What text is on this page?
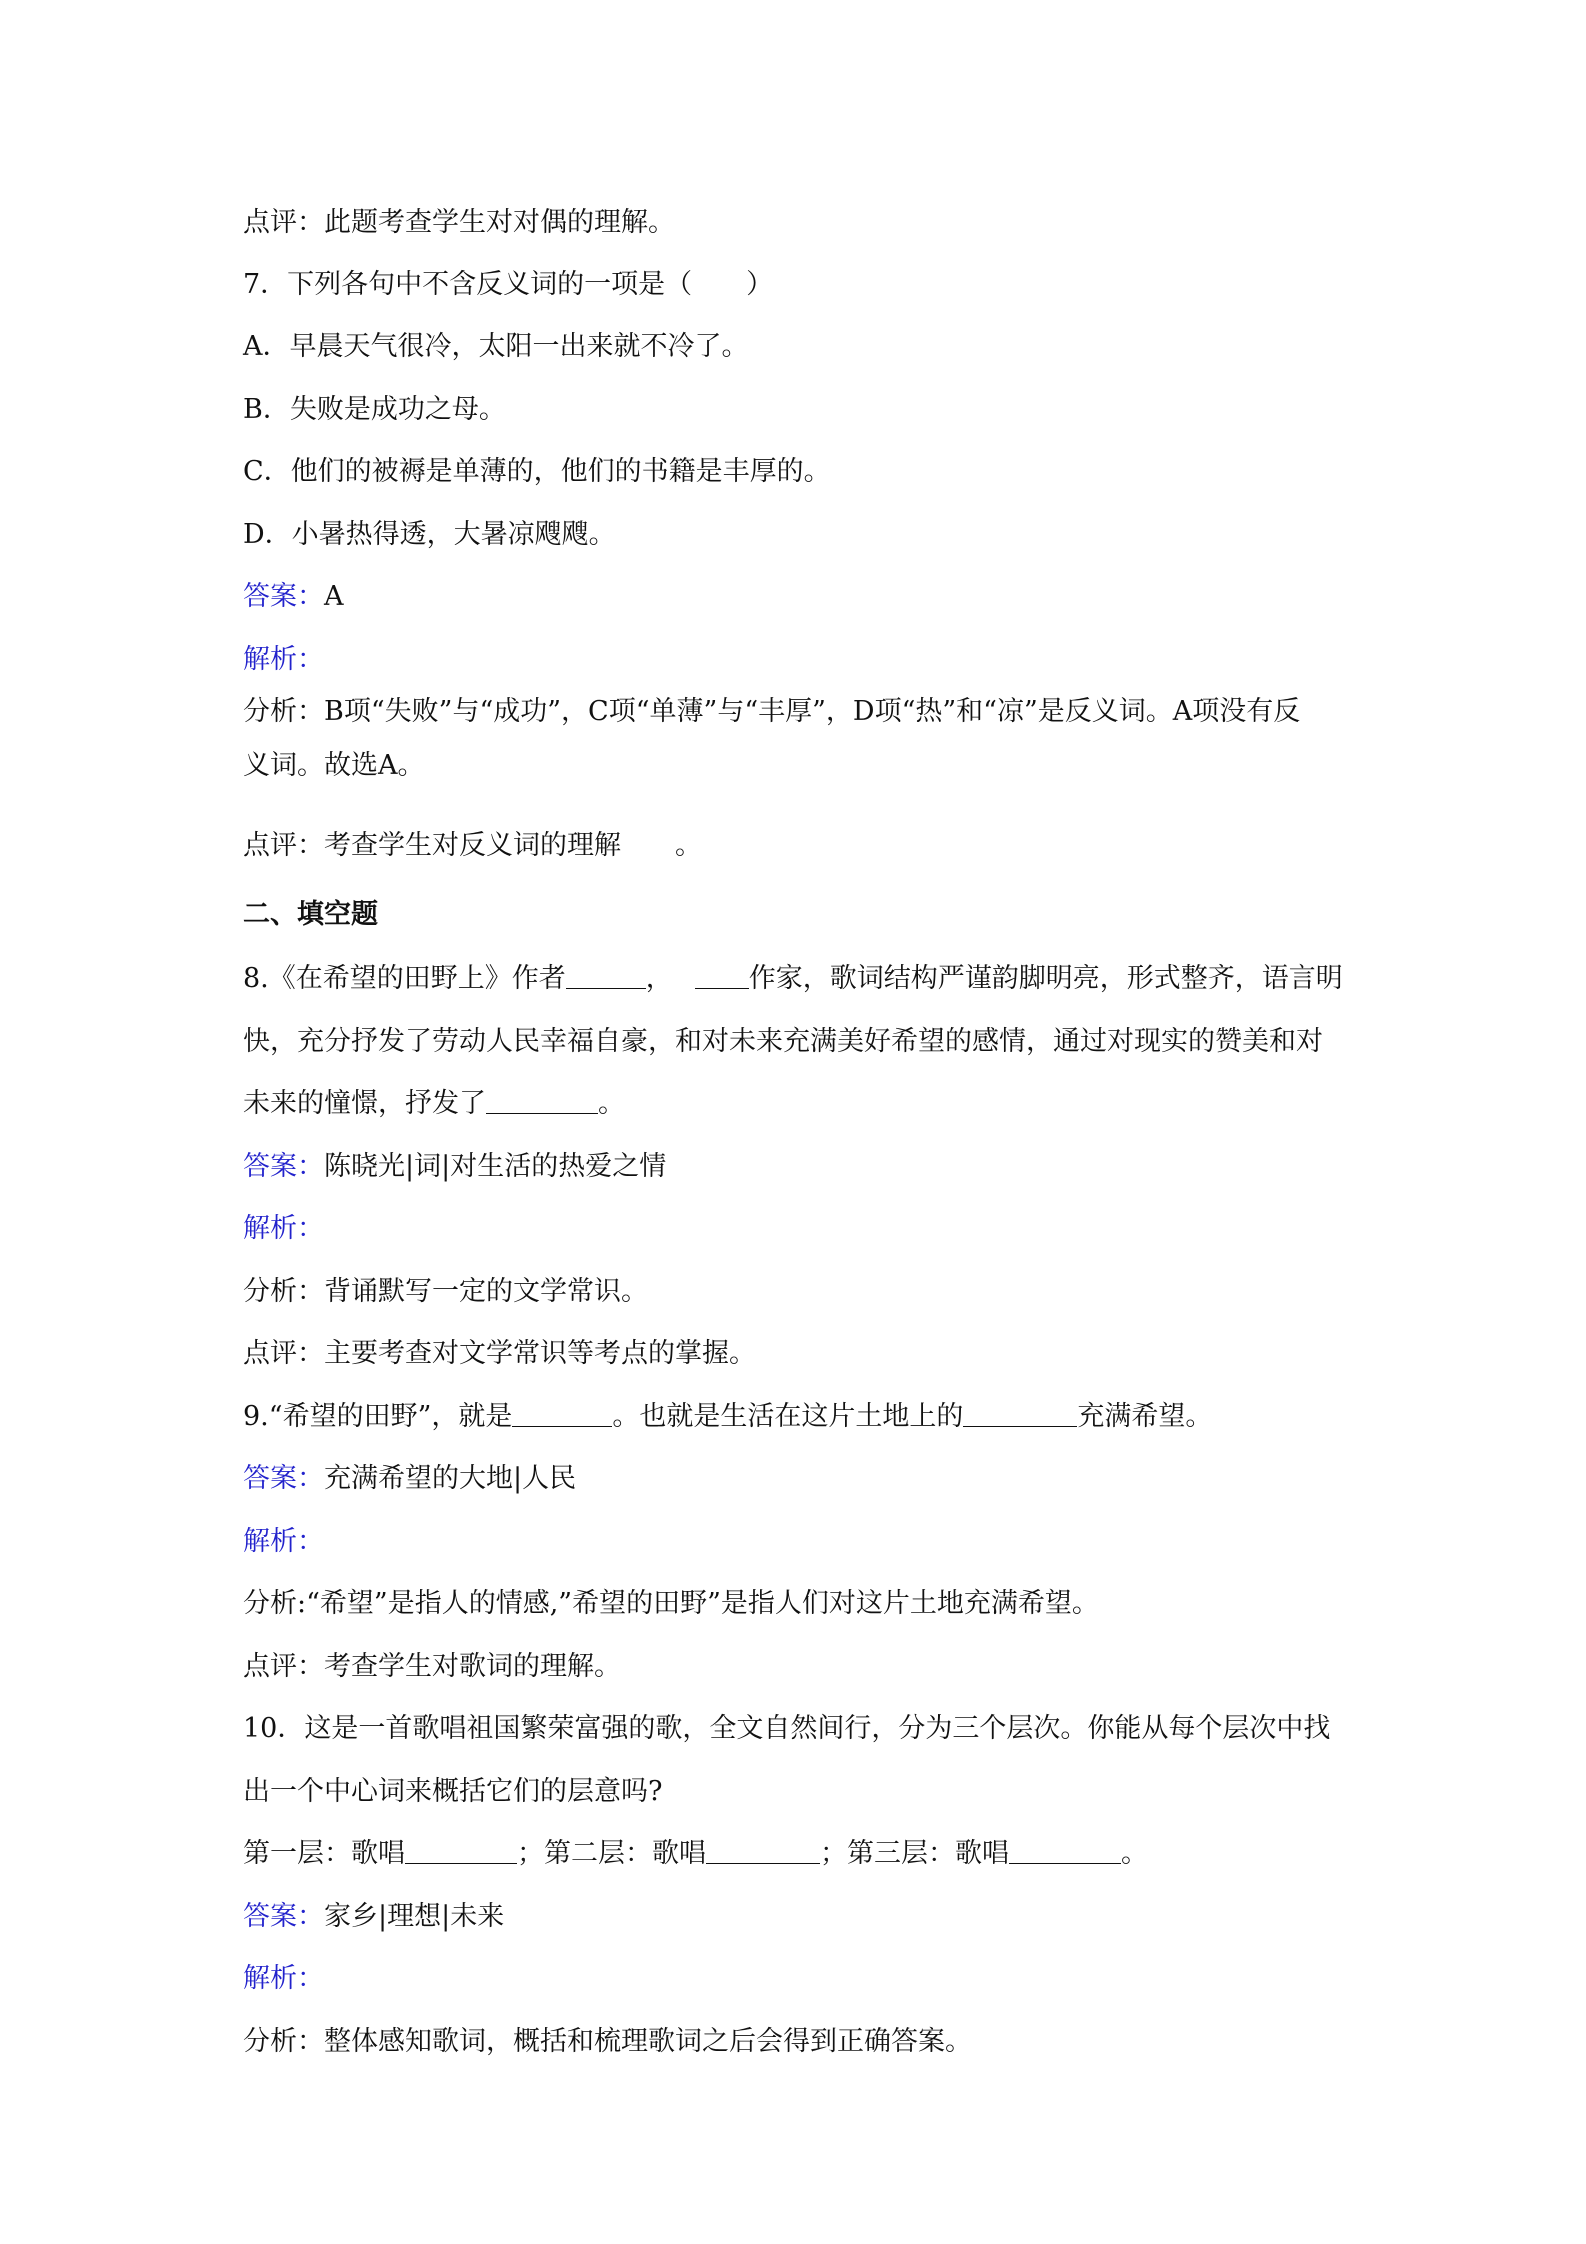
点评：此题考查学生对对偶的理解。
7．下列各句中不含反义词的一项是（　　）
A．早晨天气很冷，太阳一出来就不冷了。
B．失败是成功之母。
C．他们的被褥是单薄的，他们的书籍是丰厚的。
D．小暑热得透，大暑凉飕飕。
答案：A
解析：
分析：B项“失败”与“成功”，C项“单薄”与“丰厚”，D项“热”和“凉”是反义词。A项没有反
义词。故选A。
点评：考查学生对反义词的理解　　。
二、填空题
8.《在希望的田野上》作者	，	作家，歌词结构严谨韵脚明亮，形式整齐，语言明
快，充分抒发了劳动人民幸福自豪，和对未来充满美好希望的感情，通过对现实的赞美和对
未来的憧憬，抒发了	。
答案：陈晓光|词|对生活的热爱之情
解析：
分析：背诵默写一定的文学常识。
点评：主要考查对文学常识等考点的掌握。
9.“希望的田野”，就是	。也就是生活在这片土地上的	充满希望。
答案：充满希望的大地|人民
解析：
分析:“希望”是指人的情感,”希望的田野”是指人们对这片土地充满希望。
点评：考查学生对歌词的理解。
10．这是一首歌唱祖国繁荣富强的歌，全文自然间行，分为三个层次。你能从每个层次中找
出一个中心词来概括它们的层意吗?
第一层：歌唱	；第二层：歌唱	；第三层：歌唱	。
答案：家乡|理想|未来
解析：
分析：整体感知歌词，概括和梳理歌词之后会得到正确答案。
